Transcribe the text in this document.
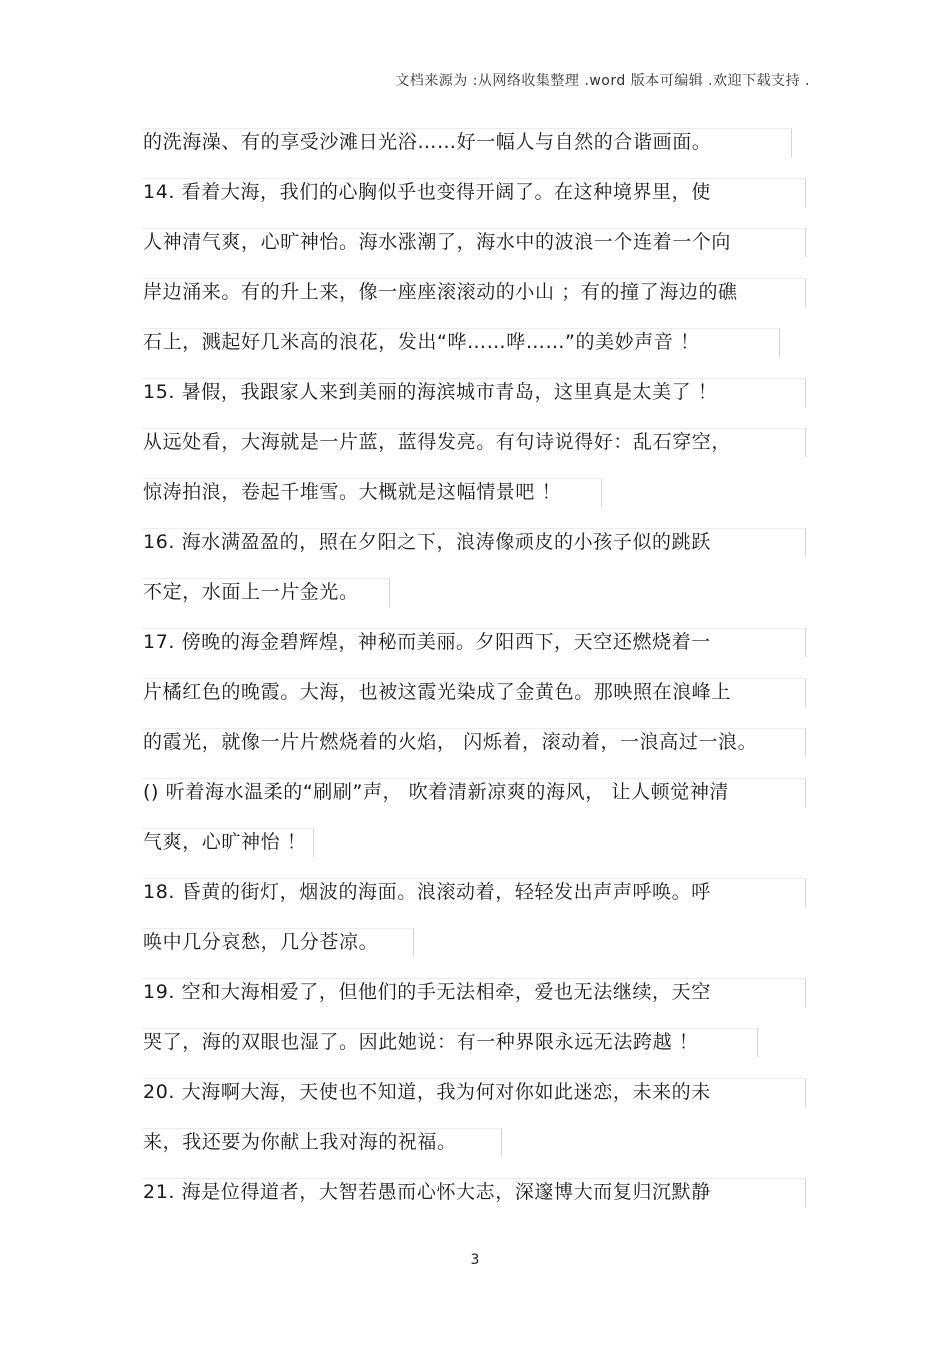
文档来源为 :从网络收集整理 .word 版本可编辑 .欢迎下载支持 .
的洗海澡、有的享受沙滩日光浴……好一幅人与自然的合谐画面。
14. 看着大海，我们的心胸似乎也变得开阔了。在这种境界里，使
人神清气爽，心旷神怡。海水涨潮了，海水中的波浪一个连着一个向
岸边涌来。有的升上来，像一座座滚滚动的小山 ；有的撞了海边的礁
石上，溅起好几米高的浪花，发出“哗……哗……”的美妙声音 ！
15. 暑假，我跟家人来到美丽的海滨城市青岛，这里真是太美了 ！
从远处看，大海就是一片蓝，蓝得发亮。有句诗说得好：乱石穿空，
惊涛拍浪，卷起千堆雪。大概就是这幅情景吧 ！
16. 海水满盈盈的，照在夕阳之下，浪涛像顽皮的小孩子似的跳跃
不定，水面上一片金光。
17. 傍晚的海金碧辉煌，神秘而美丽。夕阳西下，天空还燃烧着一
片橘红色的晚霞。大海，也被这霞光染成了金黄色。那映照在浪峰上
的霞光，就像一片片燃烧着的火焰， 闪烁着，滚动着，一浪高过一浪。
() 听着海水温柔的“刷刷”声， 吹着清新凉爽的海风， 让人顿觉神清
气爽，心旷神怡 ！
18. 昏黄的街灯，烟波的海面。浪滚动着，轻轻发出声声呼唤。呼
唤中几分哀愁，几分苍凉。
19. 空和大海相爱了，但他们的手无法相牵，爱也无法继续，天空
哭了，海的双眼也湿了。因此她说：有一种界限永远无法跨越 ！
20. 大海啊大海，天使也不知道，我为何对你如此迷恋，未来的未
来，我还要为你献上我对海的祝福。
21. 海是位得道者，大智若愚而心怀大志，深邃博大而复归沉默静
3
